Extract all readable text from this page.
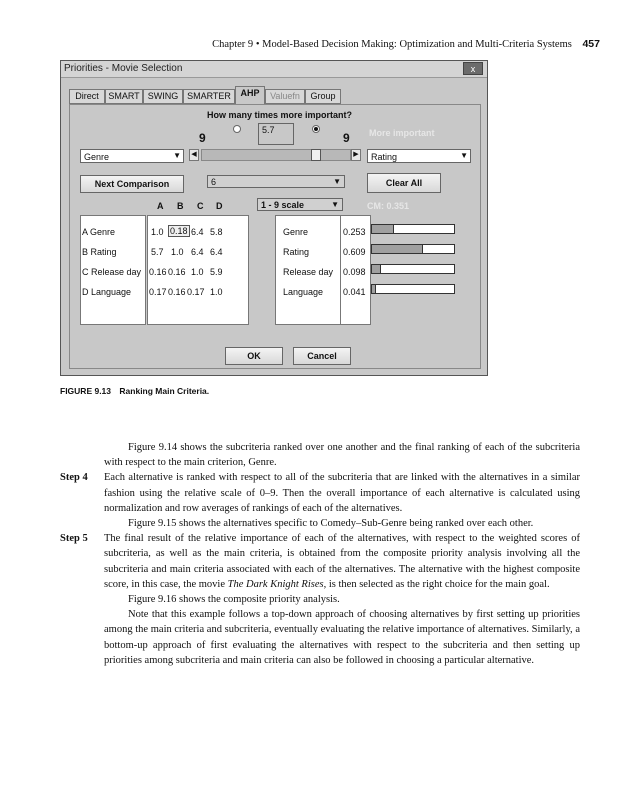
Chapter 9 • Model-Based Decision Making: Optimization and Multi-Criteria Systems 457
Priorities - Movie Selection	x
Direct	SMART SWING SMARTER	AHP	Valuefn	Group
How many times more important?
9	9
5.7	More important
Genre	▼	◀	▶ Rating	▼
Next Comparison	6	▼	Clear All
A B C D	1 - 9 scale	▼	CM: 0.351
A Genre	1.0 0.18 6.4 5.8	Genre	0.253
B Rating	5.7 1.0 6.4 6.4	Rating	0.609
C Release day 0.16 0.16 1.0 5.9	Release day 0.098
D Language 0.17 0.16 0.17 1.0	Language 0.041
OK	Cancel
FIGURE 9.13 Ranking Main Criteria.

Figure 9.14 shows the subcriteria ranked over one another and the final ranking of each of the subcriteria with respect to the main criterion, Genre.

Step 4 Each alternative is ranked with respect to all of the subcriteria that are linked with the alternatives in a similar fashion using the relative scale of 0–9. Then the overall importance of each alternative is calculated using normalization and row averages of rankings of each of the alternatives.

Figure 9.15 shows the alternatives specific to Comedy–Sub-Genre being ranked over each other.

Step 5 The final result of the relative importance of each of the alternatives, with respect to the weighted scores of subcriteria, as well as the main criteria, is obtained from the composite priority analysis involving all the subcriteria and main criteria associated with each of the alternatives. The alternative with the highest composite score, in this case, the movie The Dark Knight Rises, is then selected as the right choice for the main goal.

Figure 9.16 shows the composite priority analysis.

Note that this example follows a top-down approach of choosing alternatives by first setting up priorities among the main criteria and subcriteria, eventually evaluating the relative importance of alternatives. Similarly, a bottom-up approach of first evaluating the alternatives with respect to the subcriteria and then setting up priorities among subcriteria and main criteria can also be followed in choosing a particular alternative.
